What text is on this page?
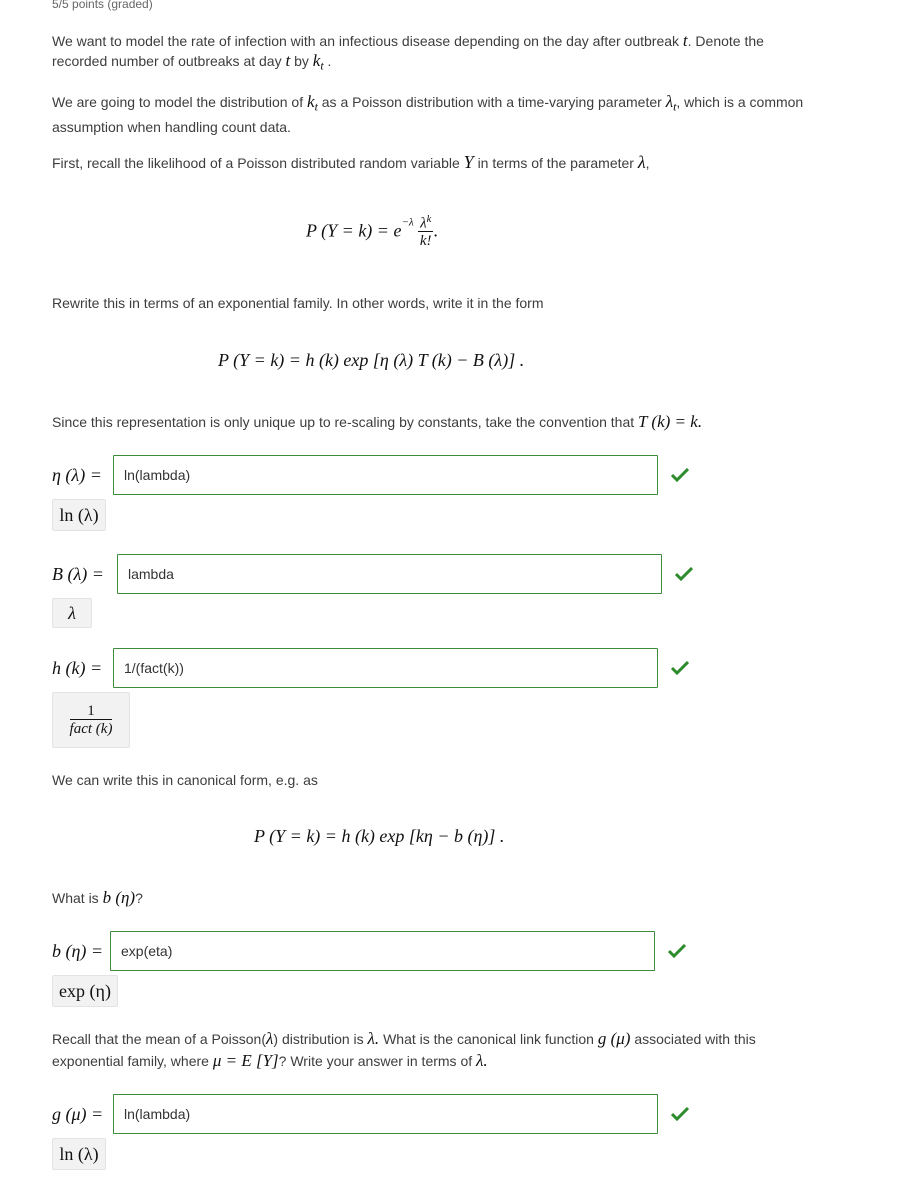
5/5 points (graded)
We want to model the rate of infection with an infectious disease depending on the day after outbreak t. Denote the
recorded number of outbreaks at day t by $k_t$ .
We are going to model the distribution of $k_t$ as a Poisson distribution with a time-varying parameter $\lambda_t$, which is a common
assumption when handling count data.
First, recall the likelihood of a Poisson distributed random variable Y in terms of the parameter λ,
P $(Y = k) = e^{-\lambda} \frac{\lambda^k}{k!}$ .
Rewrite this in terms of an exponential family. In other words, write it in the form
P (Y = k) = h (k) exp [η (λ) T (k) − B (λ)] .
Since this representation is only unique up to re-scaling by constants, take the convention that T (k) = k.
η (λ) =
ln(lambda)
ln (λ)
B (λ) =
lambda
λ
h (k) =
1/(fact(k))
$\frac{1}{\text{fact (k)}}$
We can write this in canonical form, e.g. as
P (Y = k) = h (k) exp [kη − b (η)] .
What is b (η)?
b (η) =
exp(eta)
exp (η)
Recall that the mean of a Poisson(λ) distribution is λ. What is the canonical link function g (μ) associated with this
exponential family, where μ = E [Y]? Write your answer in terms of λ.
g (μ) =
ln(lambda)
ln (λ)
